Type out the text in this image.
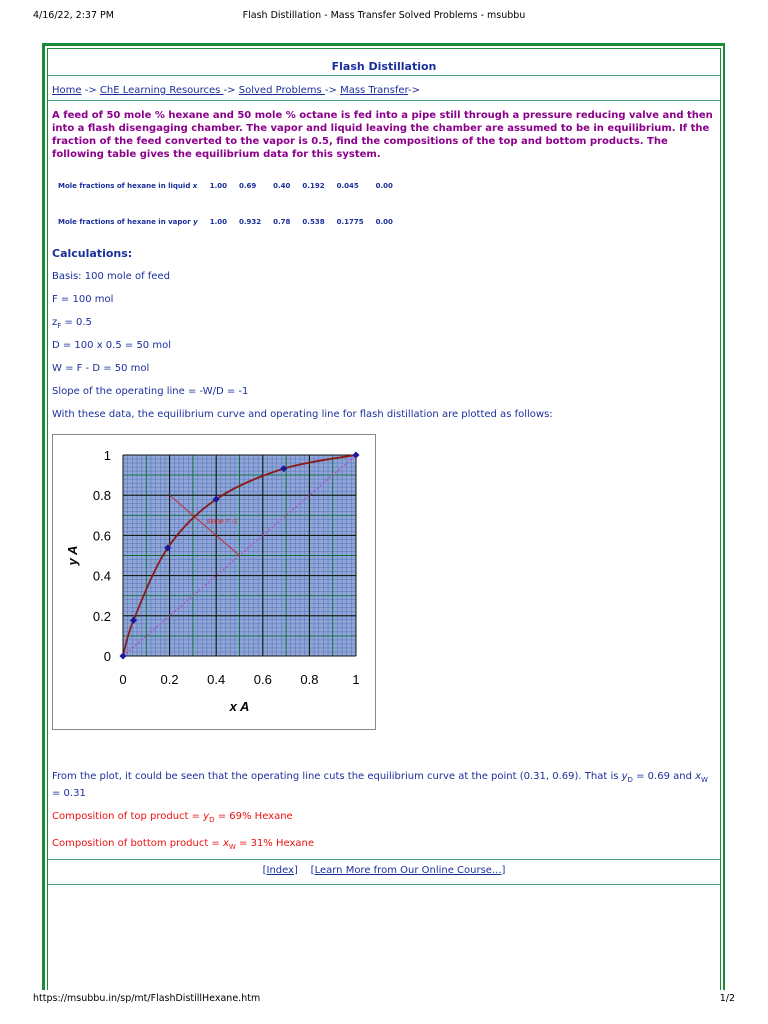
4/16/22, 2:37 PM	Flash Distillation - Mass Transfer Solved Problems - msubbu
Flash Distillation
Home -> ChE Learning Resources -> Solved Problems -> Mass Transfer->
A feed of 50 mole % hexane and 50 mole % octane is fed into a pipe still through a pressure reducing valve and then into a flash disengaging chamber. The vapor and liquid leaving the chamber are assumed to be in equilibrium. If the fraction of the feed converted to the vapor is 0.5, find the compositions of the top and bottom products. The following table gives the equilibrium data for this system.
Mole fractions of hexane in liquid x	1.00	0.69	0.40	0.192	0.045	0.00

Mole fractions of hexane in vapor y	1.00	0.932	0.78	0.538	0.1775	0.00
Calculations:
Basis: 100 mole of feed
F = 100 mol
$z_F = 0.5$
D = 100 x 0.5 = 50 mol
W = F - D = 50 mol
Slope of the operating line = -W/D = -1
With these data, the equilibrium curve and operating line for flash distillation are plotted as follows:
0	0.2 0.4 0.6 0.8	1
0
0.2
0.4
0.6
0.8
1
x A
y A
slope = -1
From the plot, it could be seen that the operating line cuts the equilibrium curve at the point (0.31, 0.69). That is $y_D = 0.69$ and $x_W = 0.31$
Composition of top product = $y_D = 69\%$ Hexane
Composition of bottom product = $x_W = 31\%$ Hexane
[Index]    [Learn More from Our Online Course...]
https://msubbu.in/sp/mt/FlashDistillHexane.htm	1/2
